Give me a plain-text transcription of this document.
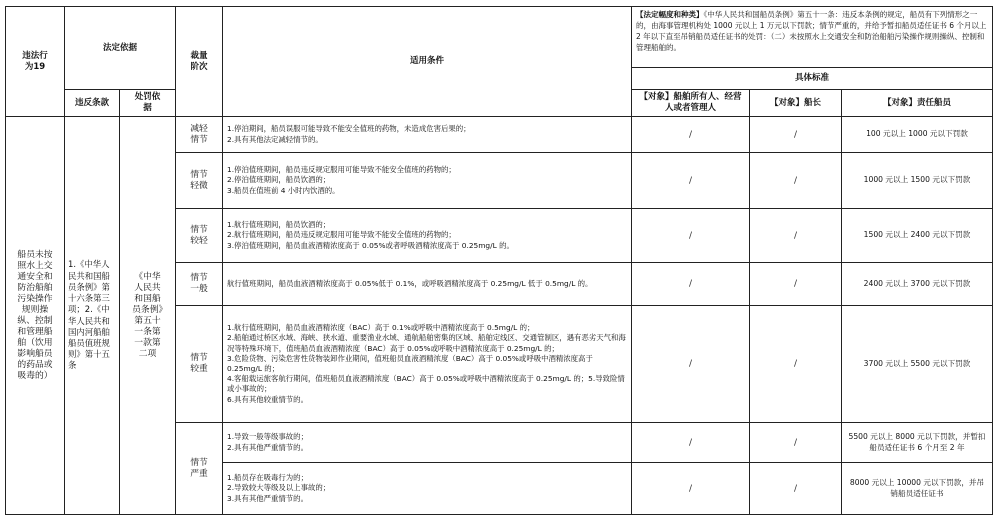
违法行为19
法定依据
违反条款
处罚依据
裁量阶次
适用条件
【法定幅度和种类】《中华人民共和国船员条例》第五十一条：违反本条例的规定，船员有下列情形之一的，由海事管理机构处 1000 元以上 1 万元以下罚款；情节严重的，并给予暂扣船员适任证书 6 个月以上 2 年以下直至吊销船员适任证书的处罚：（二）未按照水上交通安全和防治船舶污染操作规则操纵、控制和管理船舶的。
具体标准
【对象】船舶所有人、经营人或者管理人
【对象】船长	【对象】责任船员
船员未按照水上交通安全和防治船舶污染操作规则操纵、控制和管理船舶（饮用影响船员的药品或吸毒的）
1.《中华人民共和国船员条例》第十六条第三项；2.《中华人民共和国内河船舶船员值班规则》第十五条
《中华人民共和国船员条例》第五十一条第一款第二项
减轻情节
情节轻微
情节较轻
情节一般
情节较重
情节严重
1.停泊期间，船员误服可能导致不能安全值班的药物，未造成危害后果的；
2.具有其他法定减轻情节的。
1.停泊值班期间，船员违反规定服用可能导致不能安全值班的药物的；
2.停泊值班期间，船员饮酒的；
3.船员在值班前 4 小时内饮酒的。
1.航行值班期间，船员饮酒的；
2.航行值班期间，船员违反规定服用可能导致不能安全值班的药物的；
3.停泊值班期间，船员血液酒精浓度高于 0.05%或者呼吸酒精浓度高于 0.25mg/L 的。
航行值班期间，船员血液酒精浓度高于 0.05%低于 0.1%，或呼吸酒精浓度高于 0.25mg/L 低于 0.5mg/L 的。
1.航行值班期间，船员血液酒精浓度（BAC）高于 0.1%或呼吸中酒精浓度高于 0.5mg/L 的；
2.船舶通过桥区水域、海峡、狭水道、重要渔业水域、通航船舶密集的区域、船舶定线区、交通管制区，遇有恶劣天气和海况等特殊环境下，值班船员血液酒精浓度（BAC）高于 0.05%或呼吸中酒精浓度高于 0.25mg/L 的；
3.危险货物、污染危害性货物装卸作业期间，值班船员血液酒精浓度（BAC）高于 0.05%或呼吸中酒精浓度高于 0.25mg/L 的；
4.客船载运旅客航行期间，值班船员血液酒精浓度（BAC）高于 0.05%或呼吸中酒精浓度高于 0.25mg/L 的；5.导致险情或小事故的；
6.具有其他较重情节的。
1.导致一般等级事故的；
2.具有其他严重情节的。
1.船员存在吸毒行为的；
2.导致较大等级及以上事故的；
3.具有其他严重情节的。
/
/
/
/
/
/
/
/
/
/
/
/
/
/
100 元以上 1000 元以下罚款
1000 元以上 1500 元以下罚款
1500 元以上 2400 元以下罚款
2400 元以上 3700 元以下罚款
3700 元以上 5500 元以下罚款
5500 元以上 8000 元以下罚款，并暂扣船员适任证书 6 个月至 2 年
8000 元以上 10000 元以下罚款，并吊销船员适任证书
